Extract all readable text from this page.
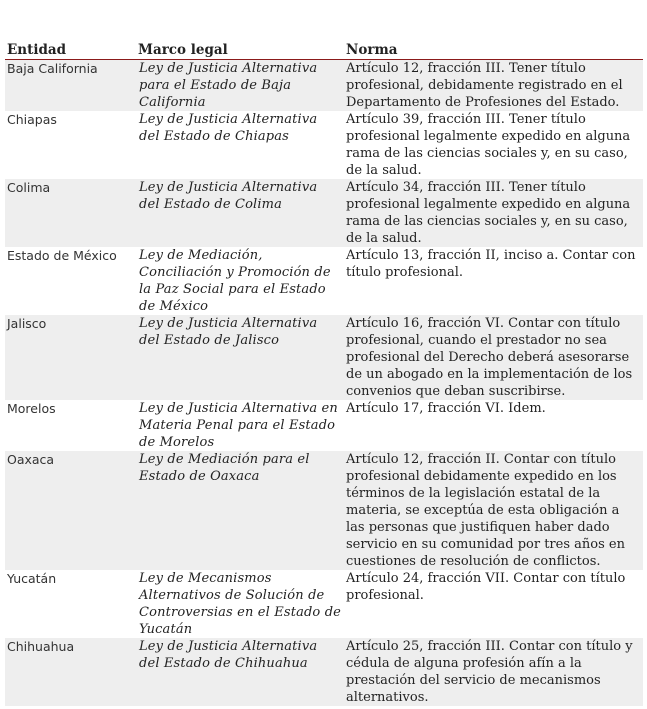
Entidad	Marco legal	Norma
Baja California	Ley de Justicia Alternativa para el Estado de Baja California	Artículo 12, fracción III. Tener título profesional, debidamente registrado en el Departamento de Profesiones del Estado.
Chiapas	Ley de Justicia Alternativa del Estado de Chiapas	Artículo 39, fracción III. Tener título profesional legalmente expedido en alguna rama de las ciencias sociales y, en su caso, de la salud.
Colima	Ley de Justicia Alternativa del Estado de Colima	Artículo 34, fracción III. Tener título profesional legalmente expedido en alguna rama de las ciencias sociales y, en su caso, de la salud.
Estado de México	Ley de Mediación, Conciliación y Promoción de la Paz Social para el Estado de México	Artículo 13, fracción II, inciso a. Contar con título profesional.
Jalisco	Ley de Justicia Alternativa del Estado de Jalisco	Artículo 16, fracción VI. Contar con título profesional, cuando el prestador no sea profesional del Derecho deberá asesorarse de un abogado en la implementación de los convenios que deban suscribirse.
Morelos	Ley de Justicia Alternativa en Materia Penal para el Estado de Morelos	Artículo 17, fracción VI. Idem.
Oaxaca	Ley de Mediación para el Estado de Oaxaca	Artículo 12, fracción II. Contar con título profesional debidamente expedido en los términos de la legislación estatal de la materia, se exceptúa de esta obligación a las personas que justifiquen haber dado servicio en su comunidad por tres años en cuestiones de resolución de conflictos.
Yucatán	Ley de Mecanismos Alternativos de Solución de Controversias en el Estado de Yucatán	Artículo 24, fracción VII. Contar con título profesional.
Chihuahua	Ley de Justicia Alternativa del Estado de Chihuahua	Artículo 25, fracción III. Contar con título y cédula de alguna profesión afín a la prestación del servicio de mecanismos alternativos.
